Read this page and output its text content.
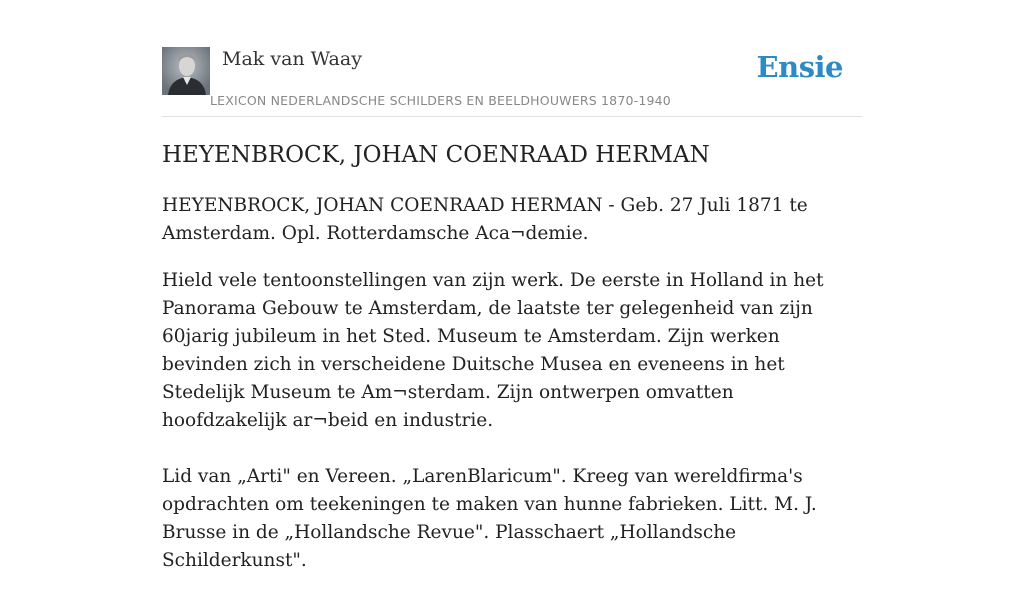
Mak van Waay
LEXICON NEDERLANDSCHE SCHILDERS EN BEELDHOUWERS 1870-1940
Ensie
HEYENBROCK, JOHAN COENRAAD HERMAN

HEYENBROCK, JOHAN COENRAAD HERMAN - Geb. 27 Juli 1871 te Amsterdam. Opl. Rotterdamsche Aca¬demie.

Hield vele tentoonstellingen van zijn werk. De eerste in Holland in het Panorama Gebouw te Amsterdam, de laatste ter gelegenheid van zijn 60jarig jubileum in het Sted. Museum te Amsterdam. Zijn werken bevinden zich in verscheidene Duitsche Musea en eveneens in het Stedelijk Museum te Am¬sterdam. Zijn ontwerpen omvatten hoofdzakelijk ar¬beid en industrie.

Lid van „Arti" en Vereen. „LarenBlaricum". Kreeg van wereldfirma's opdrachten om teekeningen te maken van hunne fabrieken. Litt. M. J. Brusse in de „Hollandsche Revue". Plasschaert „Hollandsche Schilderkunst".
